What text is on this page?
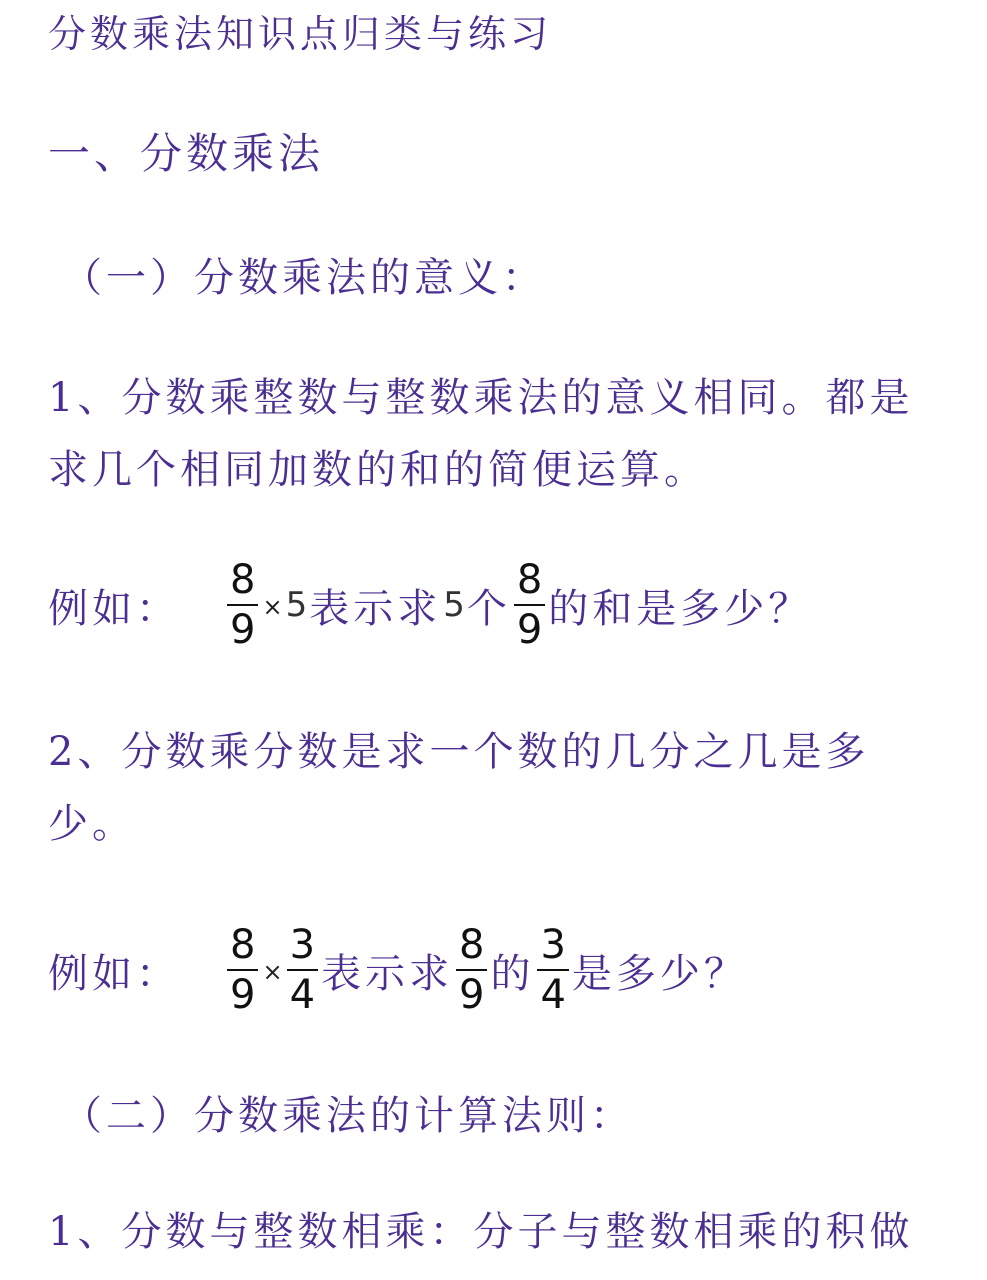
分数乘法知识点归类与练习
一、分数乘法
（一）分数乘法的意义：
1、分数乘整数与整数乘法的意义相同。都是
求几个相同加数的和的简便运算。
例如： $\frac{8}{9} \times 5$ 表示求 5 个 $\frac{8}{9}$ 的和是多少？
2、分数乘分数是求一个数的几分之几是多
少。
例如： $\frac{8}{9} \times \frac{3}{4}$ 表示求 $\frac{8}{9}$ 的 $\frac{3}{4}$ 是多少？
（二）分数乘法的计算法则：
1、分数与整数相乘：分子与整数相乘的积做
